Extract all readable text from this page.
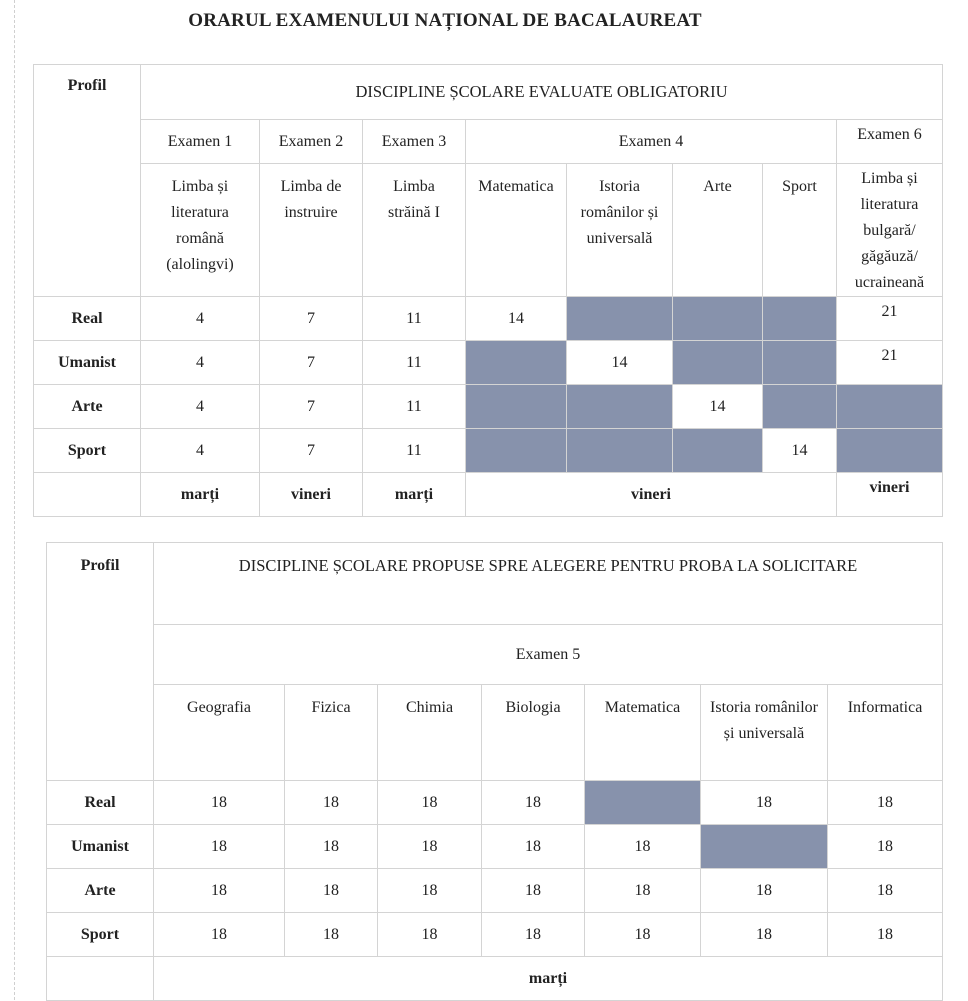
ORARUL EXAMENULUI NAȚIONAL DE BACALAUREAT
Profil	DISCIPLINE ȘCOLARE EVALUATE OBLIGATORIU							
	Examen 1	Examen 2	Examen 3	Examen 4				Examen 6
	Limba și literatura română (alolingvi)	Limba de instruire	Limba străină I	Matematica	Istoria românilor și universală	Arte	Sport	Limba și literatura bulgară/ găgăuză/ ucraineană
Real	4	7	11	14				21
Umanist	4	7	11		14			21
Arte	4	7	11			14		
Sport	4	7	11				14	
	marți	vineri	marți	vineri				vineri
Profil	DISCIPLINE ȘCOLARE PROPUSE SPRE ALEGERE PENTRU PROBA LA SOLICITARE						
	Examen 5						
	Geografia	Fizica	Chimia	Biologia	Matematica	Istoria românilor și universală	Informatica
Real	18	18	18	18		18	18
Umanist	18	18	18	18	18		18
Arte	18	18	18	18	18	18	18
Sport	18	18	18	18	18	18	18
	marți						
